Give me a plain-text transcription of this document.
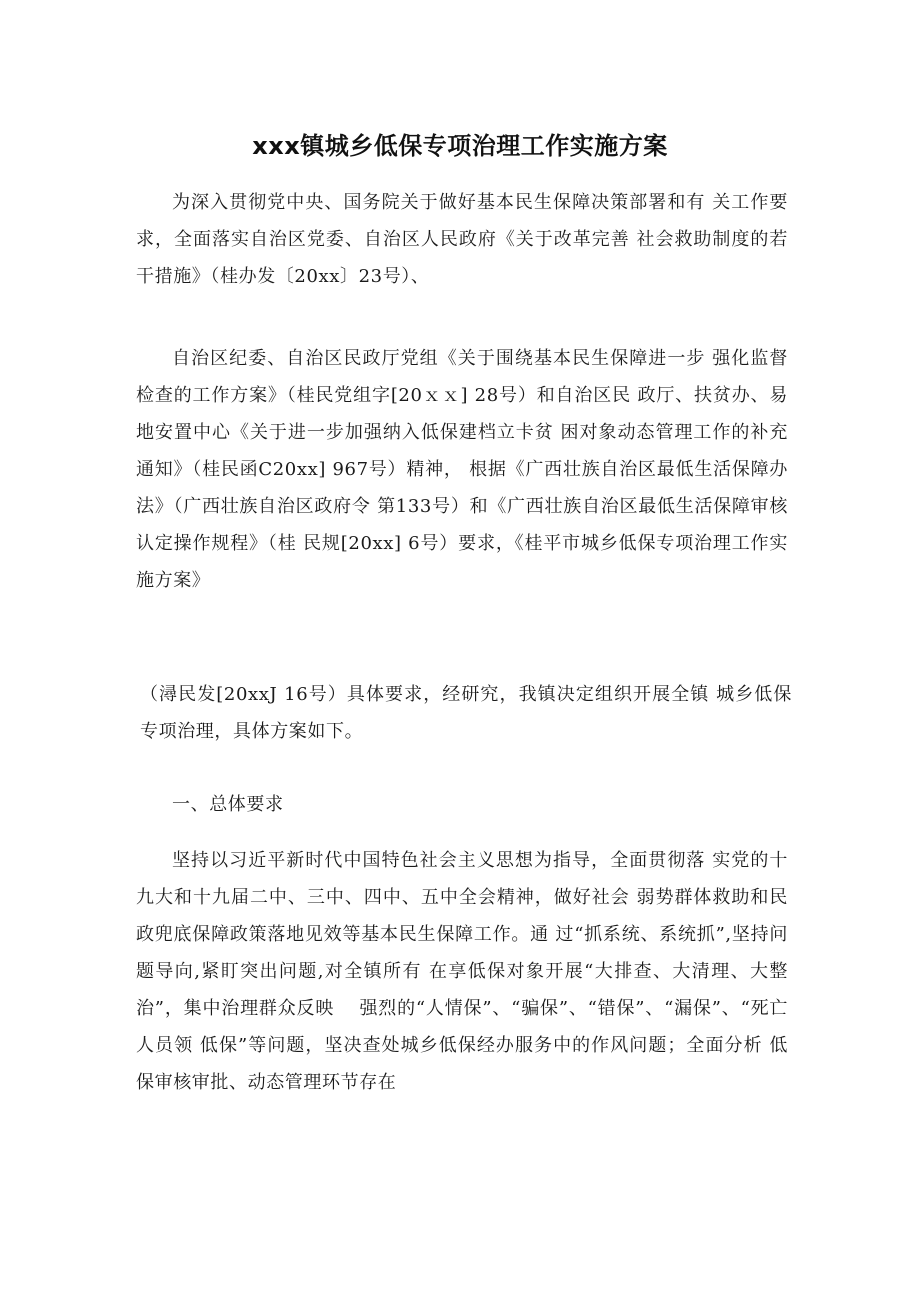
xxx镇城乡低保专项治理工作实施方案

为深入贯彻党中央、国务院关于做好基本民生保障决策部署和有 关工作要求，全面落实自治区党委、自治区人民政府《关于改革完善 社会救助制度的若干措施》（桂办发〔20xx〕23号）、

自治区纪委、自治区民政厅党组《关于围绕基本民生保障进一步 强化监督检查的工作方案》（桂民党组字[20ｘｘ] 28号）和自治区民 政厅、扶贫办、易地安置中心《关于进一步加强纳入低保建档立卡贫 困对象动态管理工作的补充通知》（桂民函C20xx] 967号）精神， 根据《广西壮族自治区最低生活保障办法》（广西壮族自治区政府令 第133号）和《广西壮族自治区最低生活保障审核认定操作规程》（桂 民规[20xx] 6号）要求，《桂平市城乡低保专项治理工作实施方案》

（潯民发[20xxJ 16号）具体要求，经研究，我镇决定组织开展全镇 城乡低保专项治理，具体方案如下。

一、总体要求

坚持以习近平新时代中国特色社会主义思想为指导，全面贯彻落 实党的十九大和十九届二中、三中、四中、五中全会精神，做好社会 弱势群体救助和民政兜底保障政策落地见效等基本民生保障工作。通 过“抓系统、系统抓”,坚持问题导向,紧盯突出问题,对全镇所有 在享低保对象开展“大排查、大清理、大整治”，集中治理群众反映　 强烈的“人情保”、“骗保”、“错保”、“漏保”、“死亡人员领 低保”等问题，坚决查处城乡低保经办服务中的作风问题；全面分析 低保审核审批、动态管理环节存在
